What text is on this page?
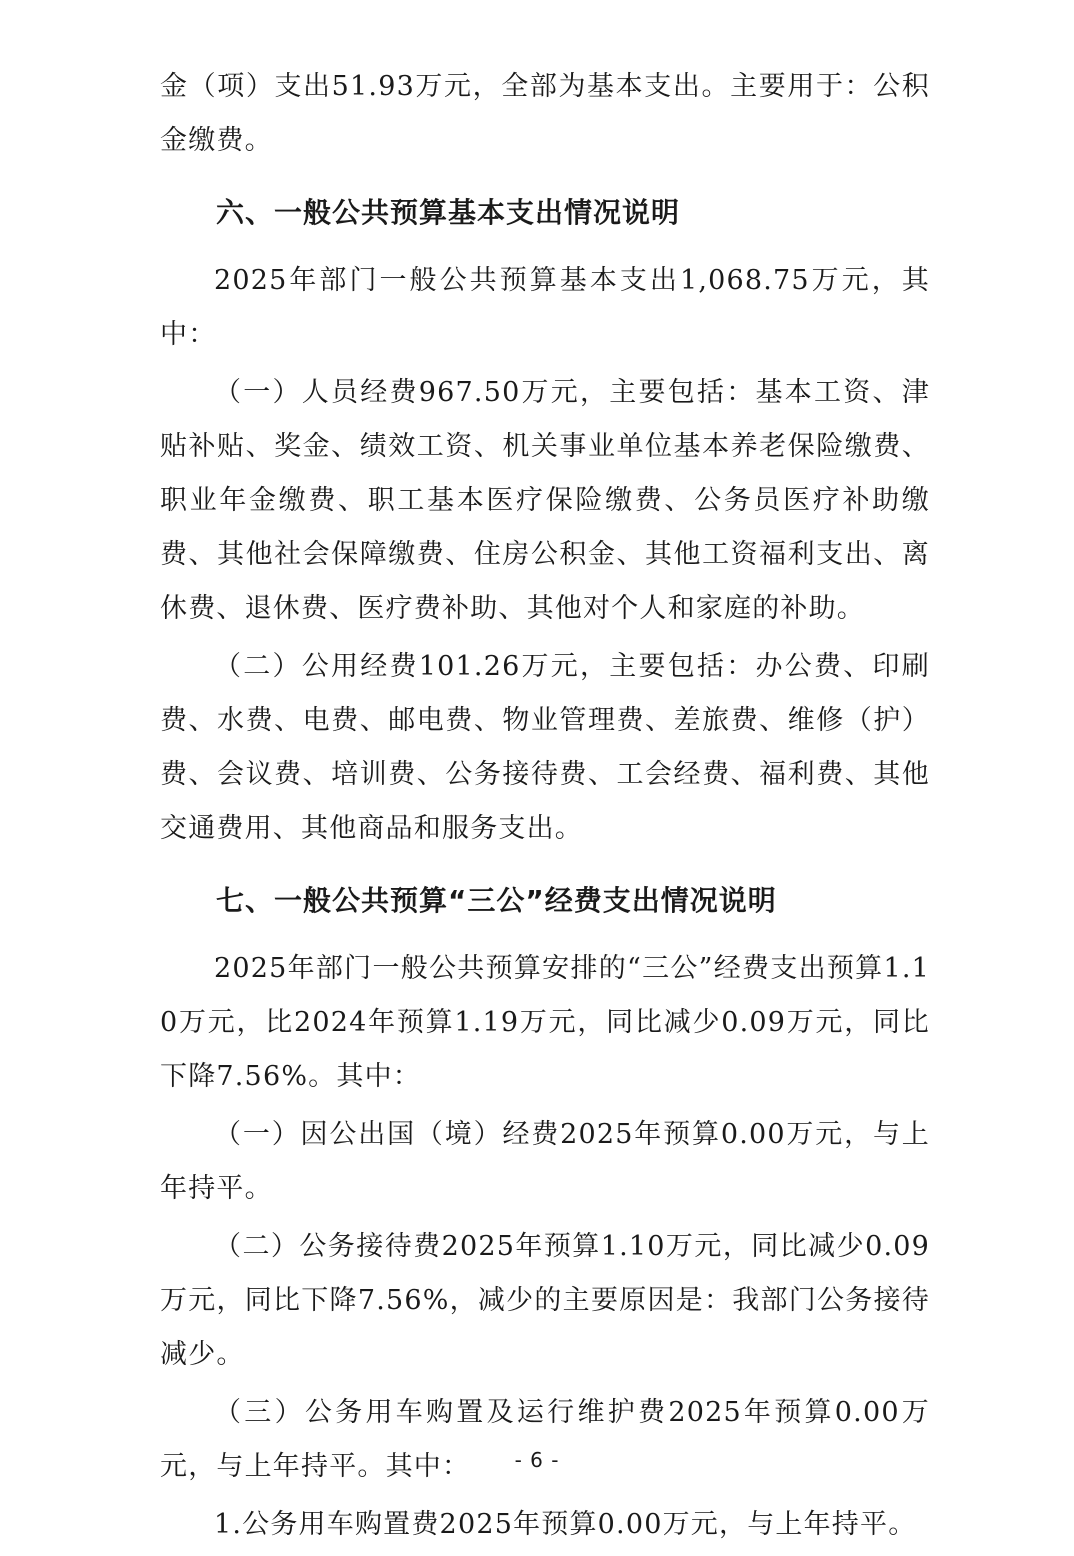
金（项）支出51.93万元，全部为基本支出。主要用于：公积金缴费。

六、一般公共预算基本支出情况说明

2025年部门一般公共预算基本支出1,068.75万元，其中：

（一）人员经费967.50万元，主要包括：基本工资、津贴补贴、奖金、绩效工资、机关事业单位基本养老保险缴费、职业年金缴费、职工基本医疗保险缴费、公务员医疗补助缴费、其他社会保障缴费、住房公积金、其他工资福利支出、离休费、退休费、医疗费补助、其他对个人和家庭的补助。

（二）公用经费101.26万元，主要包括：办公费、印刷费、水费、电费、邮电费、物业管理费、差旅费、维修（护）费、会议费、培训费、公务接待费、工会经费、福利费、其他交通费用、其他商品和服务支出。

七、一般公共预算“三公”经费支出情况说明

2025年部门一般公共预算安排的“三公”经费支出预算1.10万元，比2024年预算1.19万元，同比减少0.09万元，同比下降7.56%。其中：

（一）因公出国（境）经费2025年预算0.00万元，与上年持平。

（二）公务接待费2025年预算1.10万元，同比减少0.09万元，同比下降7.56%，减少的主要原因是：我部门公务接待减少。

（三）公务用车购置及运行维护费2025年预算0.00万元，与上年持平。其中：

1.公务用车购置费2025年预算0.00万元，与上年持平。

- 6 -
